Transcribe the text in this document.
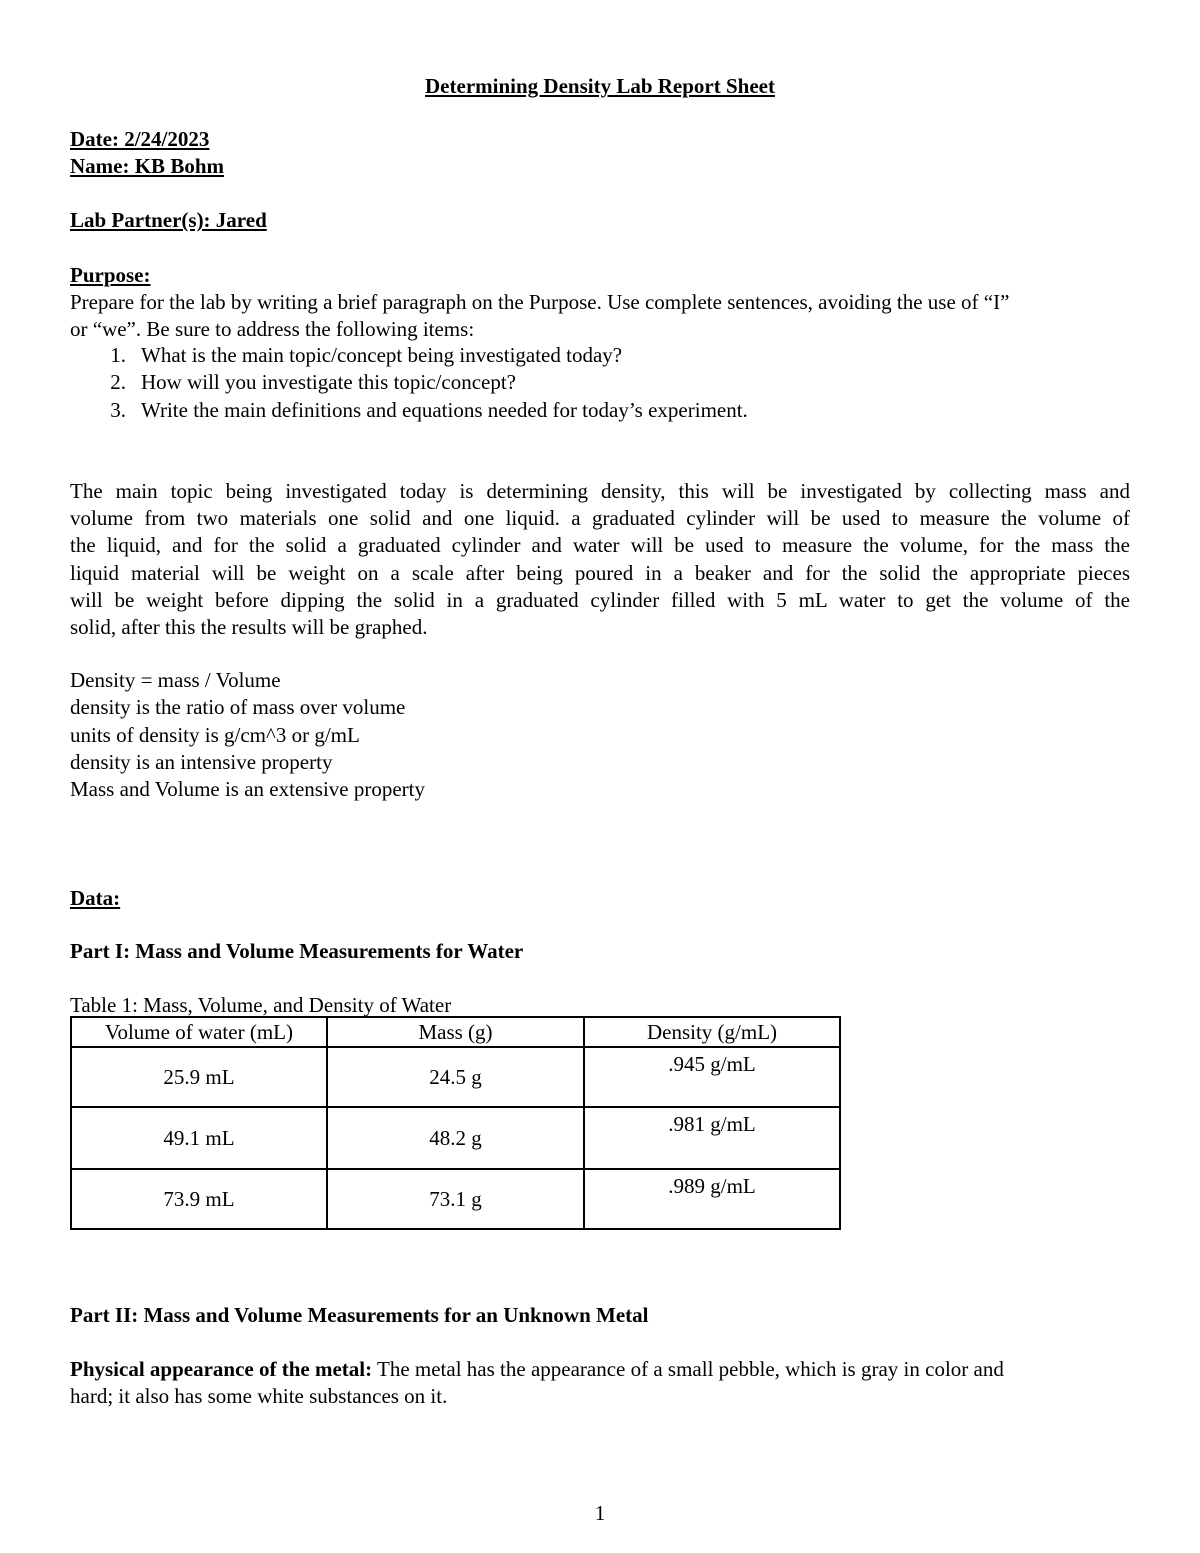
Determining Density Lab Report Sheet
Date: 2/24/2023
Name: KB Bohm
Lab Partner(s): Jared
Purpose:
Prepare for the lab by writing a brief paragraph on the Purpose. Use complete sentences, avoiding the use of “I”
or “we”. Be sure to address the following items:
1. What is the main topic/concept being investigated today?
2. How will you investigate this topic/concept?
3. Write the main definitions and equations needed for today’s experiment.
The main topic being investigated today is determining density, this will be investigated by collecting mass and
volume from two materials one solid and one liquid. a graduated cylinder will be used to measure the volume of
the liquid, and for the solid a graduated cylinder and water will be used to measure the volume, for the mass the
liquid material will be weight on a scale after being poured in a beaker and for the solid the appropriate pieces
will be weight before dipping the solid in a graduated cylinder filled with 5 mL water to get the volume of the
solid, after this the results will be graphed.
Density = mass / Volume
density is the ratio of mass over volume
units of density is g/cm^3 or g/mL
density is an intensive property
Mass and Volume is an extensive property
Data:
Part I: Mass and Volume Measurements for Water
Table 1: Mass, Volume, and Density of Water
Volume of water (mL)	Mass (g)	Density (g/mL)
25.9 mL	24.5 g	.945 g/mL
49.1 mL	48.2 g	.981 g/mL
73.9 mL	73.1 g	.989 g/mL
Part II: Mass and Volume Measurements for an Unknown Metal
Physical appearance of the metal: The metal has the appearance of a small pebble, which is gray in color and
hard; it also has some white substances on it.
1
